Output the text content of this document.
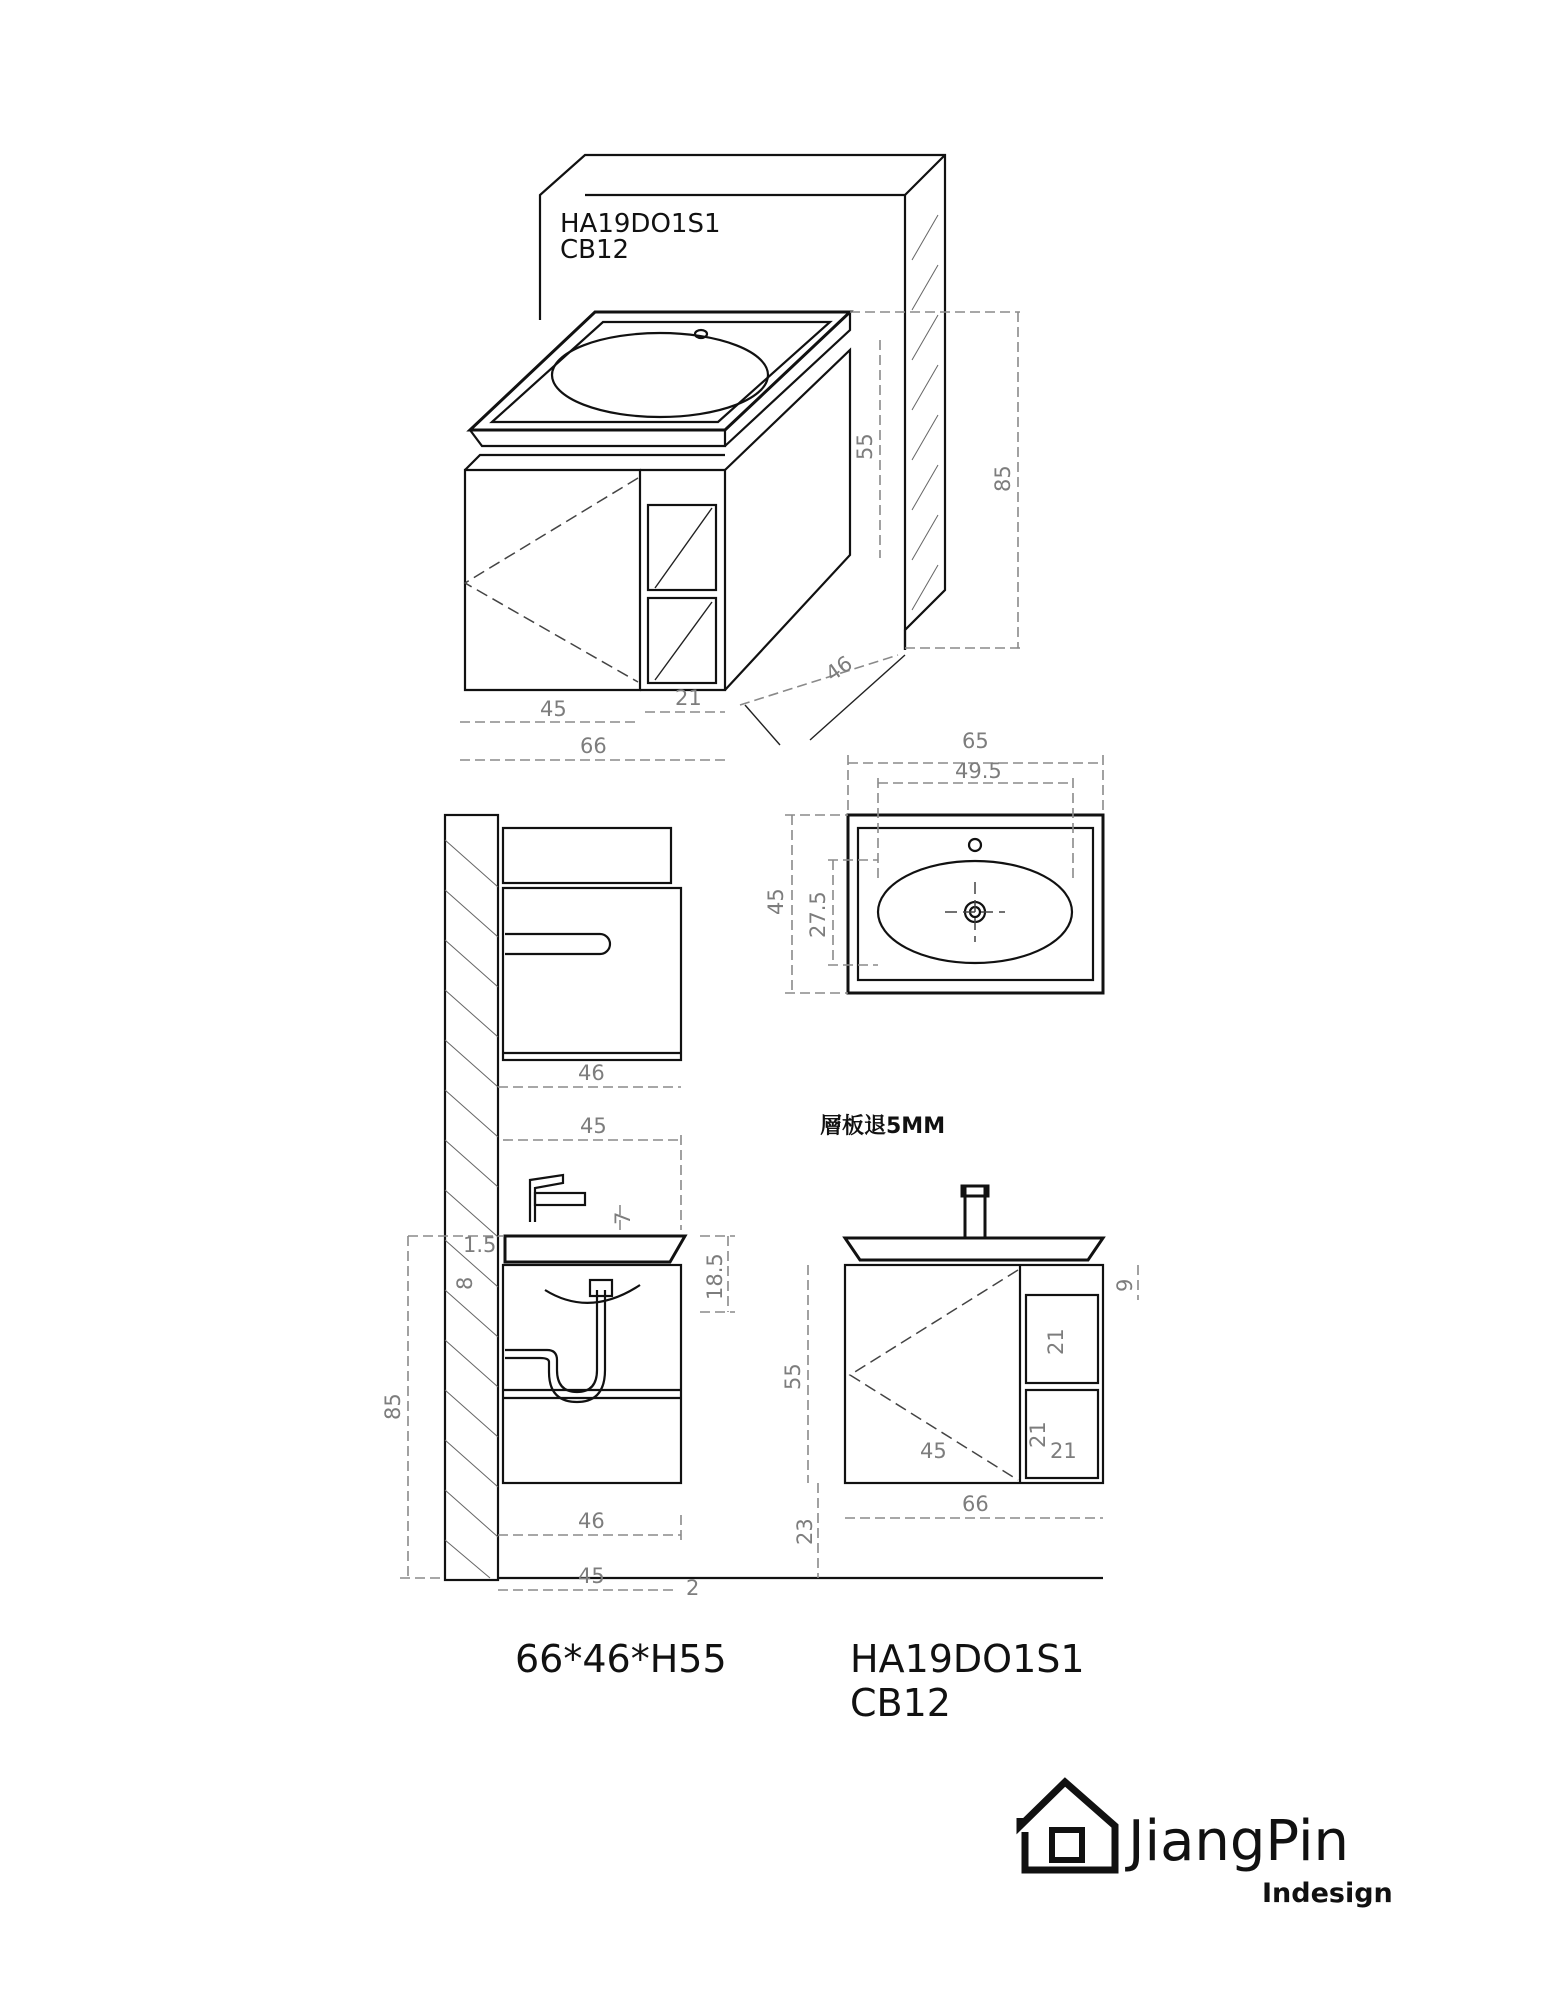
HA19DO1S1
CB12
55
85
46
45	21
66	65
49.5
45 27.5
46
層板退5MM
45
7
1.5
8	18.5
85
46
45	2
9
55
21
21
21
45
66
23
66*46*H55	HA19DO1S1
CB12
JiangPin
Indesign
